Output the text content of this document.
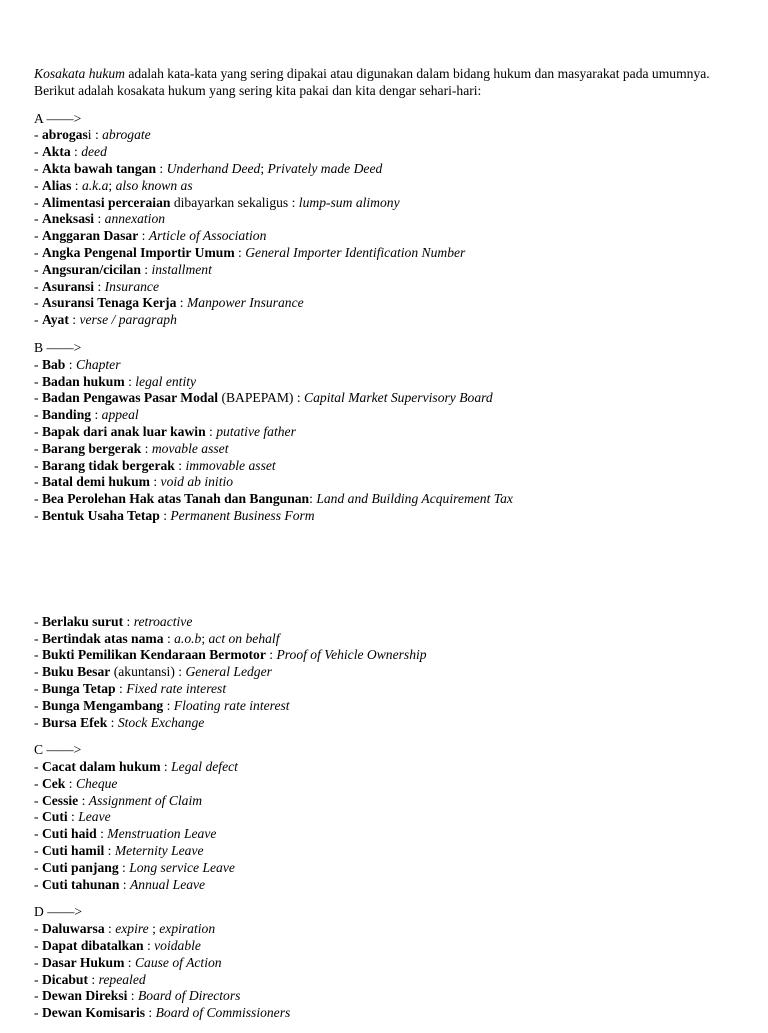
Kosakata hukum adalah kata-kata yang sering dipakai atau digunakan dalam bidang hukum dan masyarakat pada umumnya. Berikut adalah kosakata hukum yang sering kita pakai dan kita dengar sehari-hari:

A ——>
- abrogasi : abrogate
- Akta : deed
- Akta bawah tangan : Underhand Deed; Privately made Deed
- Alias : a.k.a; also known as
- Alimentasi perceraian dibayarkan sekaligus : lump-sum alimony
- Aneksasi : annexation
- Anggaran Dasar : Article of Association
- Angka Pengenal Importir Umum : General Importer Identification Number
- Angsuran/cicilan : installment
- Asuransi : Insurance
- Asuransi Tenaga Kerja : Manpower Insurance
- Ayat : verse / paragraph
B ——>
- Bab : Chapter
- Badan hukum : legal entity
- Badan Pengawas Pasar Modal (BAPEPAM) : Capital Market Supervisory Board
- Banding : appeal
- Bapak dari anak luar kawin : putative father
- Barang bergerak : movable asset
- Barang tidak bergerak : immovable asset
- Batal demi hukum : void ab initio
- Bea Perolehan Hak atas Tanah dan Bangunan: Land and Building Acquirement Tax
- Bentuk Usaha Tetap : Permanent Business Form
- Berlaku surut : retroactive
- Bertindak atas nama : a.o.b; act on behalf
- Bukti Pemilikan Kendaraan Bermotor : Proof of Vehicle Ownership
- Buku Besar (akuntansi) : General Ledger
- Bunga Tetap : Fixed rate interest
- Bunga Mengambang : Floating rate interest
- Bursa Efek : Stock Exchange
C ——>
- Cacat dalam hukum : Legal defect
- Cek : Cheque
- Cessie : Assignment of Claim
- Cuti : Leave
- Cuti haid : Menstruation Leave
- Cuti hamil : Meternity Leave
- Cuti panjang : Long service Leave
- Cuti tahunan : Annual Leave
D ——>
- Daluwarsa : expire ; expiration
- Dapat dibatalkan : voidable
- Dasar Hukum : Cause of Action
- Dicabut : repealed
- Dewan Direksi : Board of Directors
- Dewan Komisaris : Board of Commissioners
